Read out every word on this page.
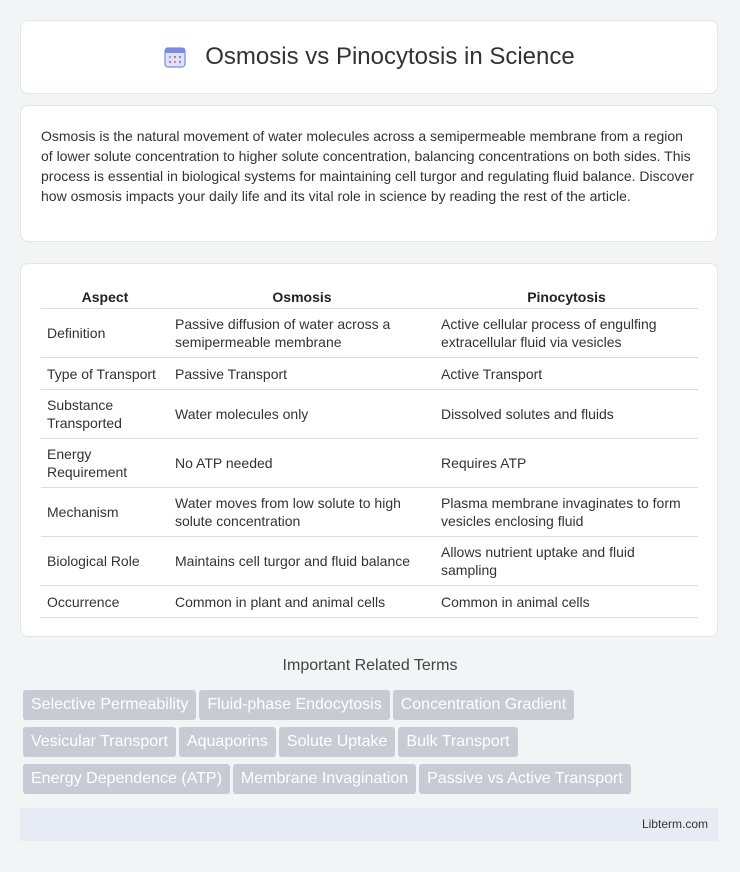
Osmosis vs Pinocytosis in Science

Osmosis is the natural movement of water molecules across a semipermeable membrane from a region of lower solute concentration to higher solute concentration, balancing concentrations on both sides. This process is essential in biological systems for maintaining cell turgor and regulating fluid balance. Discover how osmosis impacts your daily life and its vital role in science by reading the rest of the article.

Aspect	Osmosis	Pinocytosis
Definition	Passive diffusion of water across a semipermeable membrane	Active cellular process of engulfing extracellular fluid via vesicles
Type of Transport	Passive Transport	Active Transport
Substance Transported	Water molecules only	Dissolved solutes and fluids
Energy Requirement	No ATP needed	Requires ATP
Mechanism	Water moves from low solute to high solute concentration	Plasma membrane invaginates to form vesicles enclosing fluid
Biological Role	Maintains cell turgor and fluid balance	Allows nutrient uptake and fluid sampling
Occurrence	Common in plant and animal cells	Common in animal cells
Important Related Terms
Selective Permeability Fluid-phase Endocytosis Concentration Gradient
Vesicular Transport Aquaporins Solute Uptake Bulk Transport
Energy Dependence (ATP) Membrane Invagination Passive vs Active Transport
Libterm.com
